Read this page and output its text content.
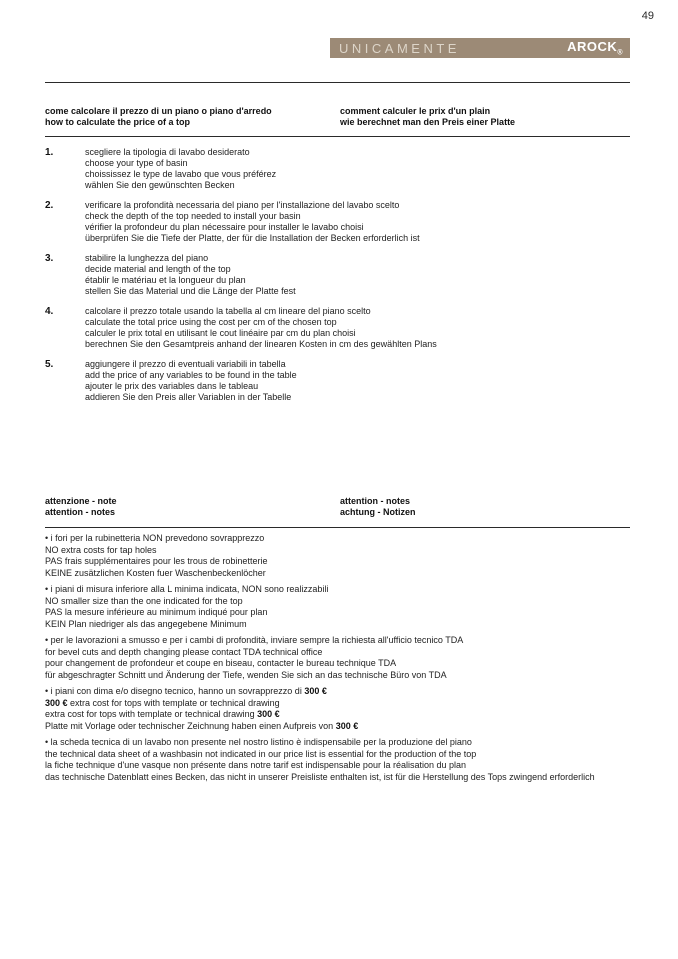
49
UNICAMENTE	$AROCK_®$
come calcolare il prezzo di un piano o piano d'arredo
how to calculate the price of a top
comment calculer le prix d'un plain
wie berechnet man den Preis einer Platte
1.	scegliere la tipologia di lavabo desiderato
choose your type of basin
choississez le type de lavabo que vous préférez
wählen Sie den gewünschten Becken
2.	verificare la profondità necessaria del piano per l'installazione del lavabo scelto
check the depth of the top needed to install your basin
vérifier la profondeur du plan nécessaire pour installer le lavabo choisi
überprüfen Sie die Tiefe der Platte, der für die Installation der Becken erforderlich ist
3.	stabilire la lunghezza del piano
decide material and length of the top
établir le matériau et la longueur du plan
stellen Sie das Material und die Länge der Platte fest
4.	calcolare il prezzo totale usando la tabella al cm lineare del piano scelto
calculate the total price using the cost per cm of the chosen top
calculer le prix total en utilisant le cout linéaire par cm du plan choisi
berechnen Sie den Gesamtpreis anhand der linearen Kosten in cm des gewählten Plans
5.	aggiungere il prezzo di eventuali variabili in tabella
add the price of any variables to be found in the table
ajouter le prix des variables dans le tableau
addieren Sie den Preis aller Variablen in der Tabelle
attenzione - note
attention - notes
attention - notes
achtung - Notizen
• i fori per la rubinetteria NON prevedono sovrapprezzo
NO extra costs for tap holes
PAS frais supplémentaires pour les trous de robinetterie
KEINE zusätzlichen Kosten fuer Waschenbeckenlöcher
• i piani di misura inferiore alla L minima indicata, NON sono realizzabili
NO smaller size than the one indicated for the top
PAS la mesure inférieure au minimum indiqué pour plan
KEIN Plan niedriger als das angegebene Minimum
• per le lavorazioni a smusso e per i cambi di profondità, inviare sempre la richiesta all'ufficio tecnico TDA
for bevel cuts and depth changing please contact TDA technical office
pour changement de profondeur et coupe en biseau, contacter le bureau technique TDA
für abgeschragter Schnitt und Änderung der Tiefe, wenden Sie sich an das technische Büro von TDA
• i piani con dima e/o disegno tecnico, hanno un sovrapprezzo di 300 €
300 € extra cost for tops with template or technical drawing
extra cost for tops with template or technical drawing 300 €
Platte mit Vorlage oder technischer Zeichnung haben einen Aufpreis von 300 €
• la scheda tecnica di un lavabo non presente nel nostro listino è indispensabile per la produzione del piano
the technical data sheet of a washbasin not indicated in our price list is essential for the production of the top
la fiche technique d'une vasque non présente dans notre tarif est indispensable pour la réalisation du plan
das technische Datenblatt eines Becken, das nicht in unserer Preisliste enthalten ist, ist für die Herstellung des Tops zwingend erforderlich
